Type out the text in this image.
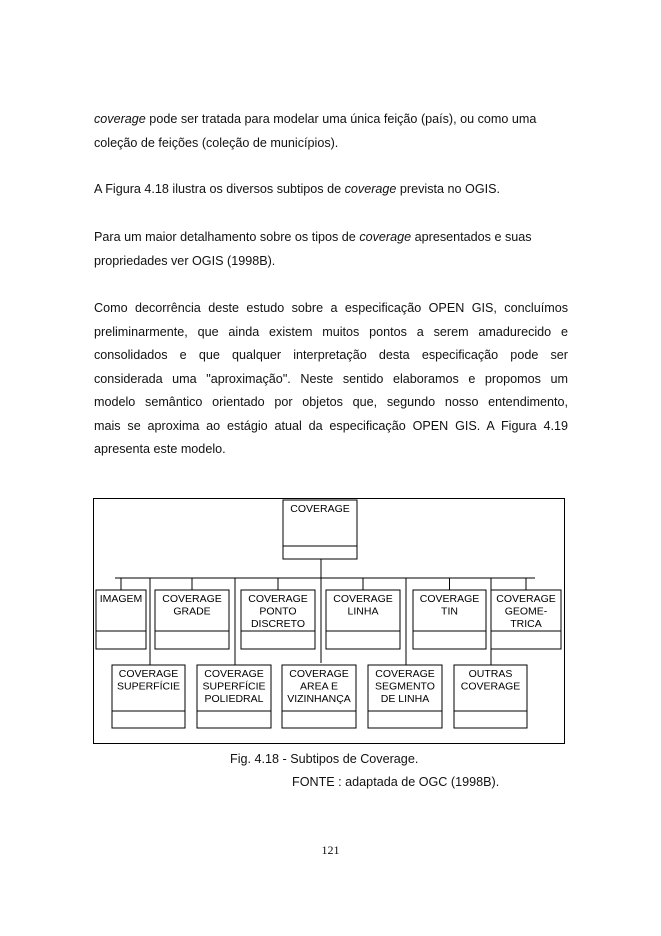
coverage pode ser tratada para modelar uma única feição (país), ou como uma
coleção de feições (coleção de municípios).
A Figura 4.18 ilustra os diversos subtipos de coverage prevista no OGIS.
Para um maior detalhamento sobre os tipos de coverage apresentados e suas
propriedades ver OGIS (1998B).
Como decorrência deste estudo sobre a especificação OPEN GIS, concluímos
preliminarmente, que ainda existem muitos pontos a serem amadurecido e
consolidados e que qualquer interpretação desta especificação pode ser
considerada uma "aproximação". Neste sentido elaboramos e propomos um
modelo semântico orientado por objetos que, segundo nosso entendimento,
mais se aproxima ao estágio atual da especificação OPEN GIS. A Figura 4.19
apresenta este modelo.
COVERAGE
IMAGEM COVERAGE
GRADE
COVERAGE
PONTO
DISCRETO
COVERAGE
LINHA
COVERAGE
TIN
COVERAGE
GEOME-
TRICA
COVERAGE
SUPERFÍCIE
COVERAGE
SUPERFÍCIE
POLIEDRAL
COVERAGE
AREA E
VIZINHANÇA
COVERAGE
SEGMENTO
DE LINHA
OUTRAS
COVERAGE

Fig. 4.18 - Subtipos de Coverage.

FONTE : adaptada de OGC (1998B).

121
